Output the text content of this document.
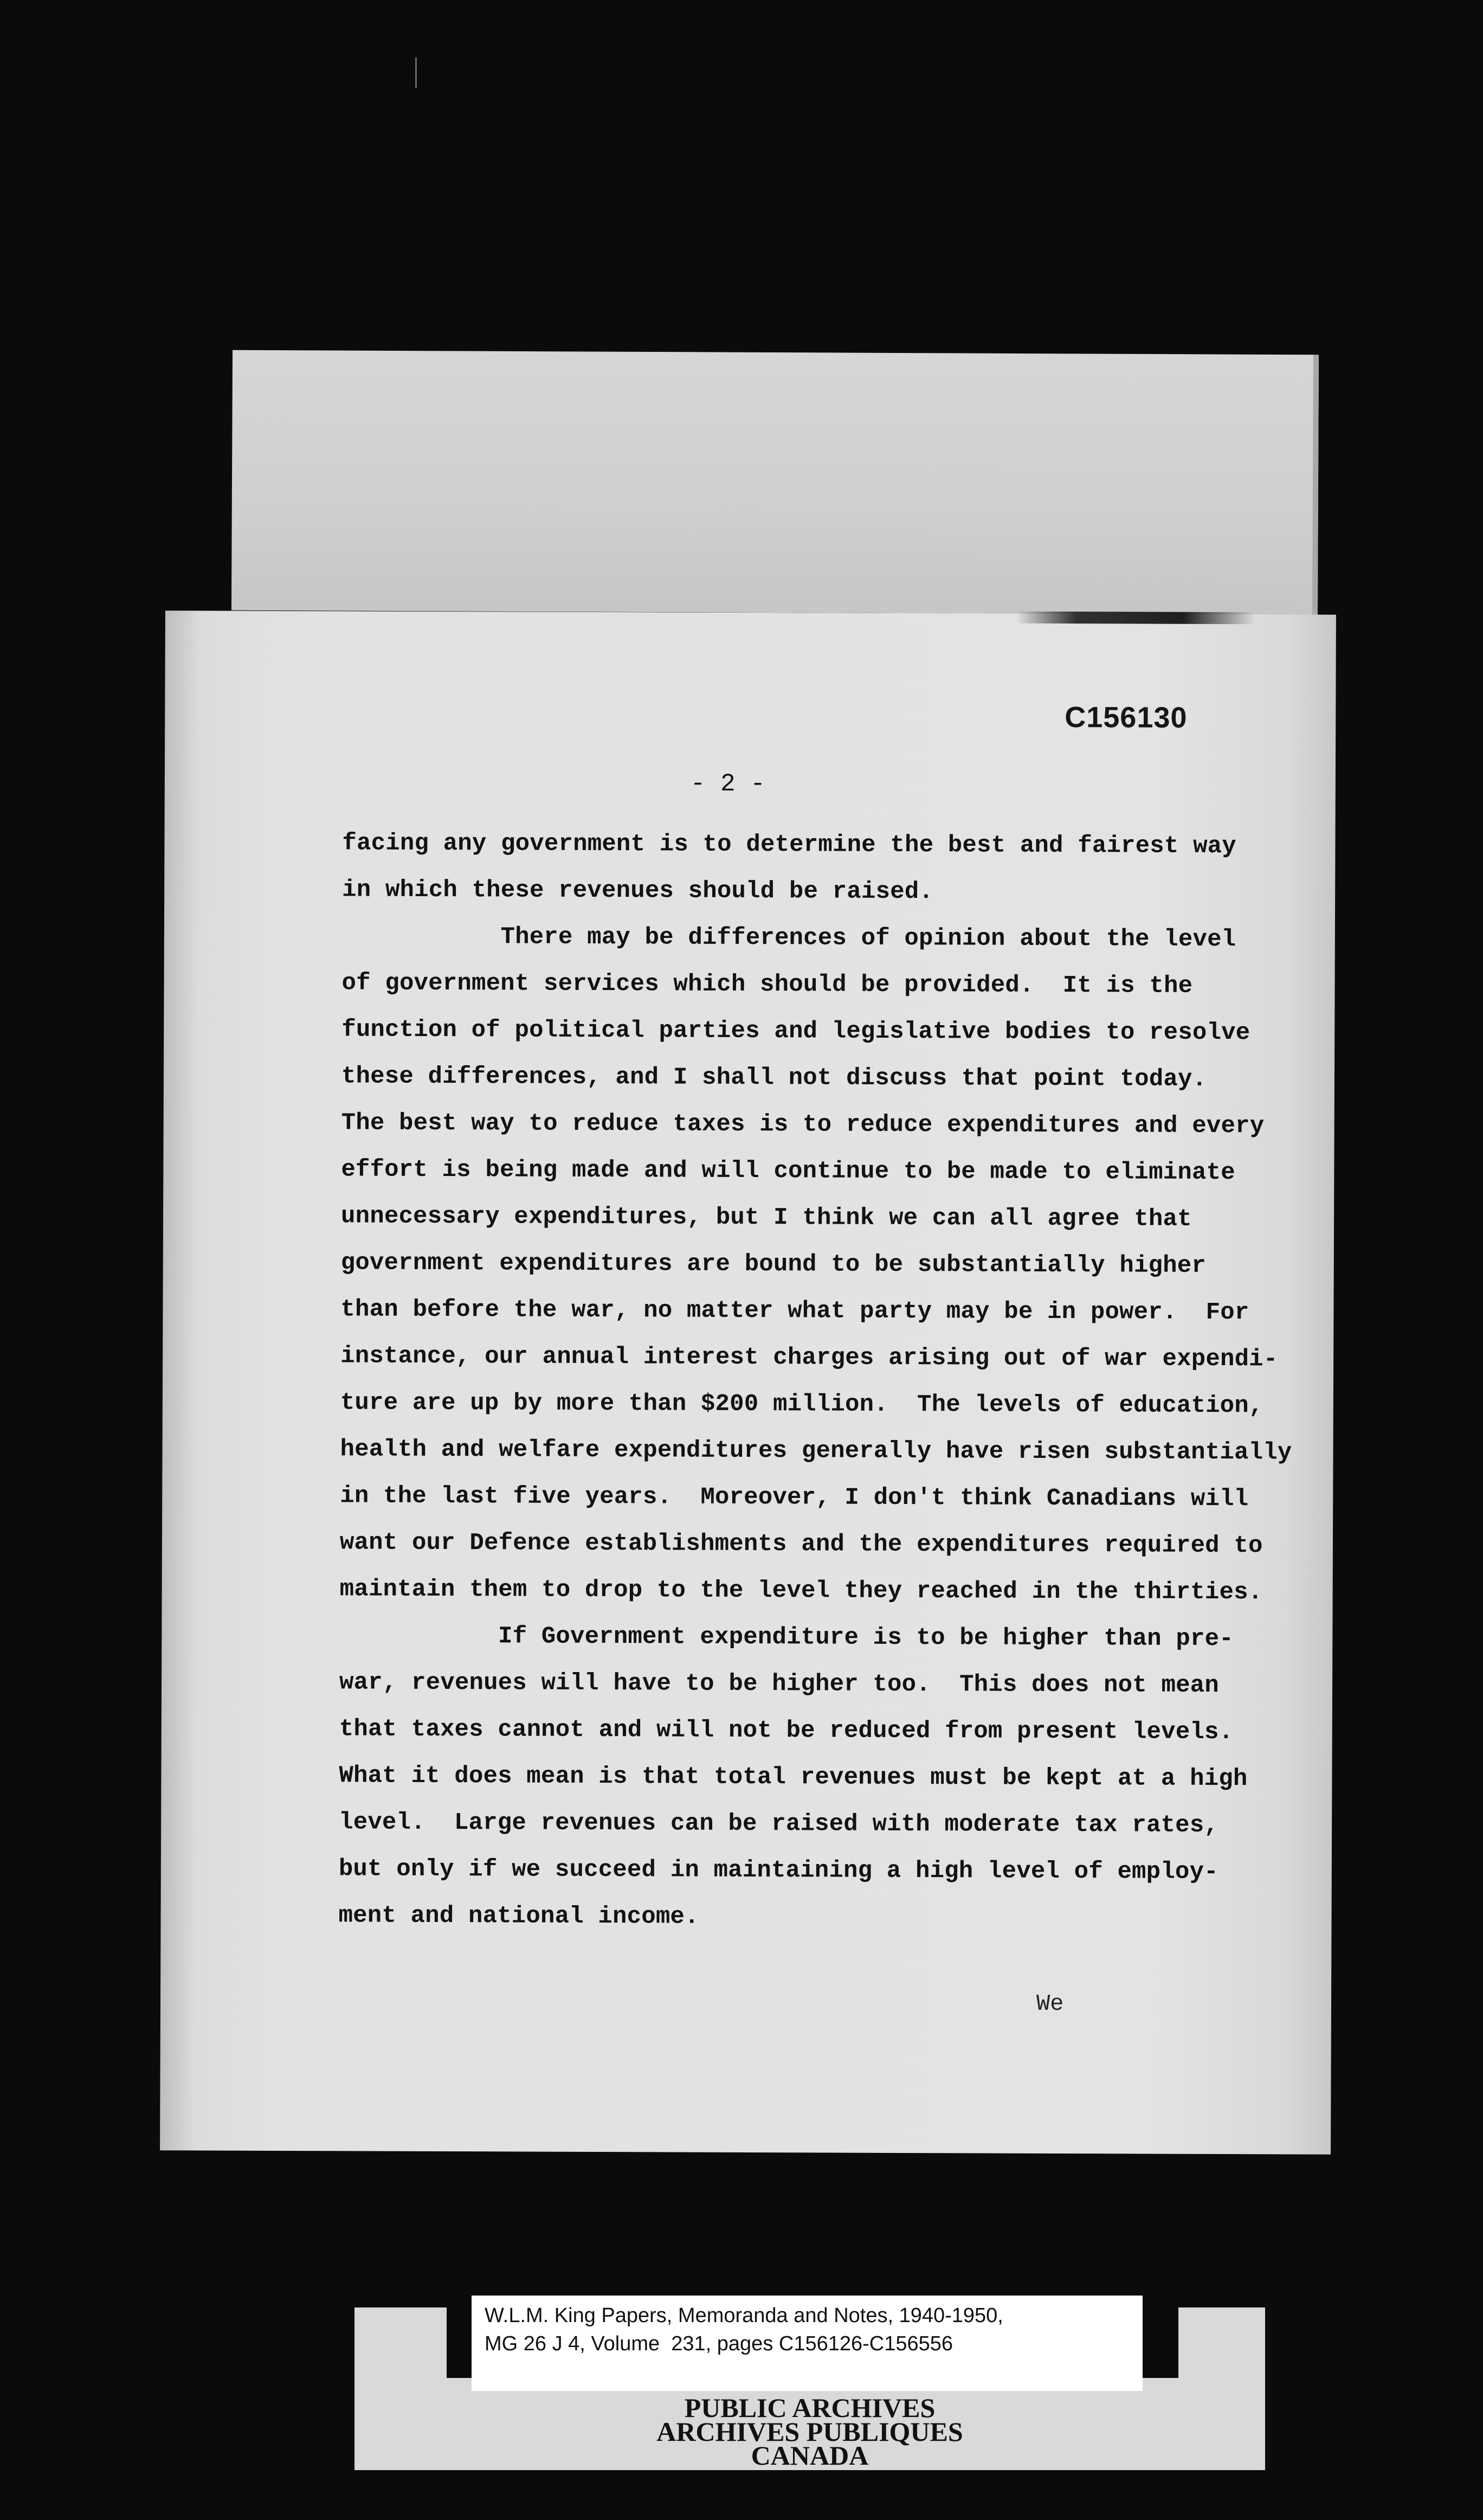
C156130
- 2 -
facing any government is to determine the best and fairest way
in which these revenues should be raised.
There may be differences of opinion about the level
of government services which should be provided.  It is the
function of political parties and legislative bodies to resolve
these differences, and I shall not discuss that point today.
The best way to reduce taxes is to reduce expenditures and every
effort is being made and will continue to be made to eliminate
unnecessary expenditures, but I think we can all agree that
government expenditures are bound to be substantially higher
than before the war, no matter what party may be in power.  For
instance, our annual interest charges arising out of war expendi-
ture are up by more than $200 million.  The levels of education,
health and welfare expenditures generally have risen substantially
in the last five years.  Moreover, I don't think Canadians will
want our Defence establishments and the expenditures required to
maintain them to drop to the level they reached in the thirties.
If Government expenditure is to be higher than pre-
war, revenues will have to be higher too.  This does not mean
that taxes cannot and will not be reduced from present levels.
What it does mean is that total revenues must be kept at a high
level.  Large revenues can be raised with moderate tax rates,
but only if we succeed in maintaining a high level of employ-
ment and national income.
We
W.L.M. King Papers, Memoranda and Notes, 1940-1950,
MG 26 J 4, Volume  231, pages C156126-C156556
PUBLIC ARCHIVES
ARCHIVES PUBLIQUES
CANADA
